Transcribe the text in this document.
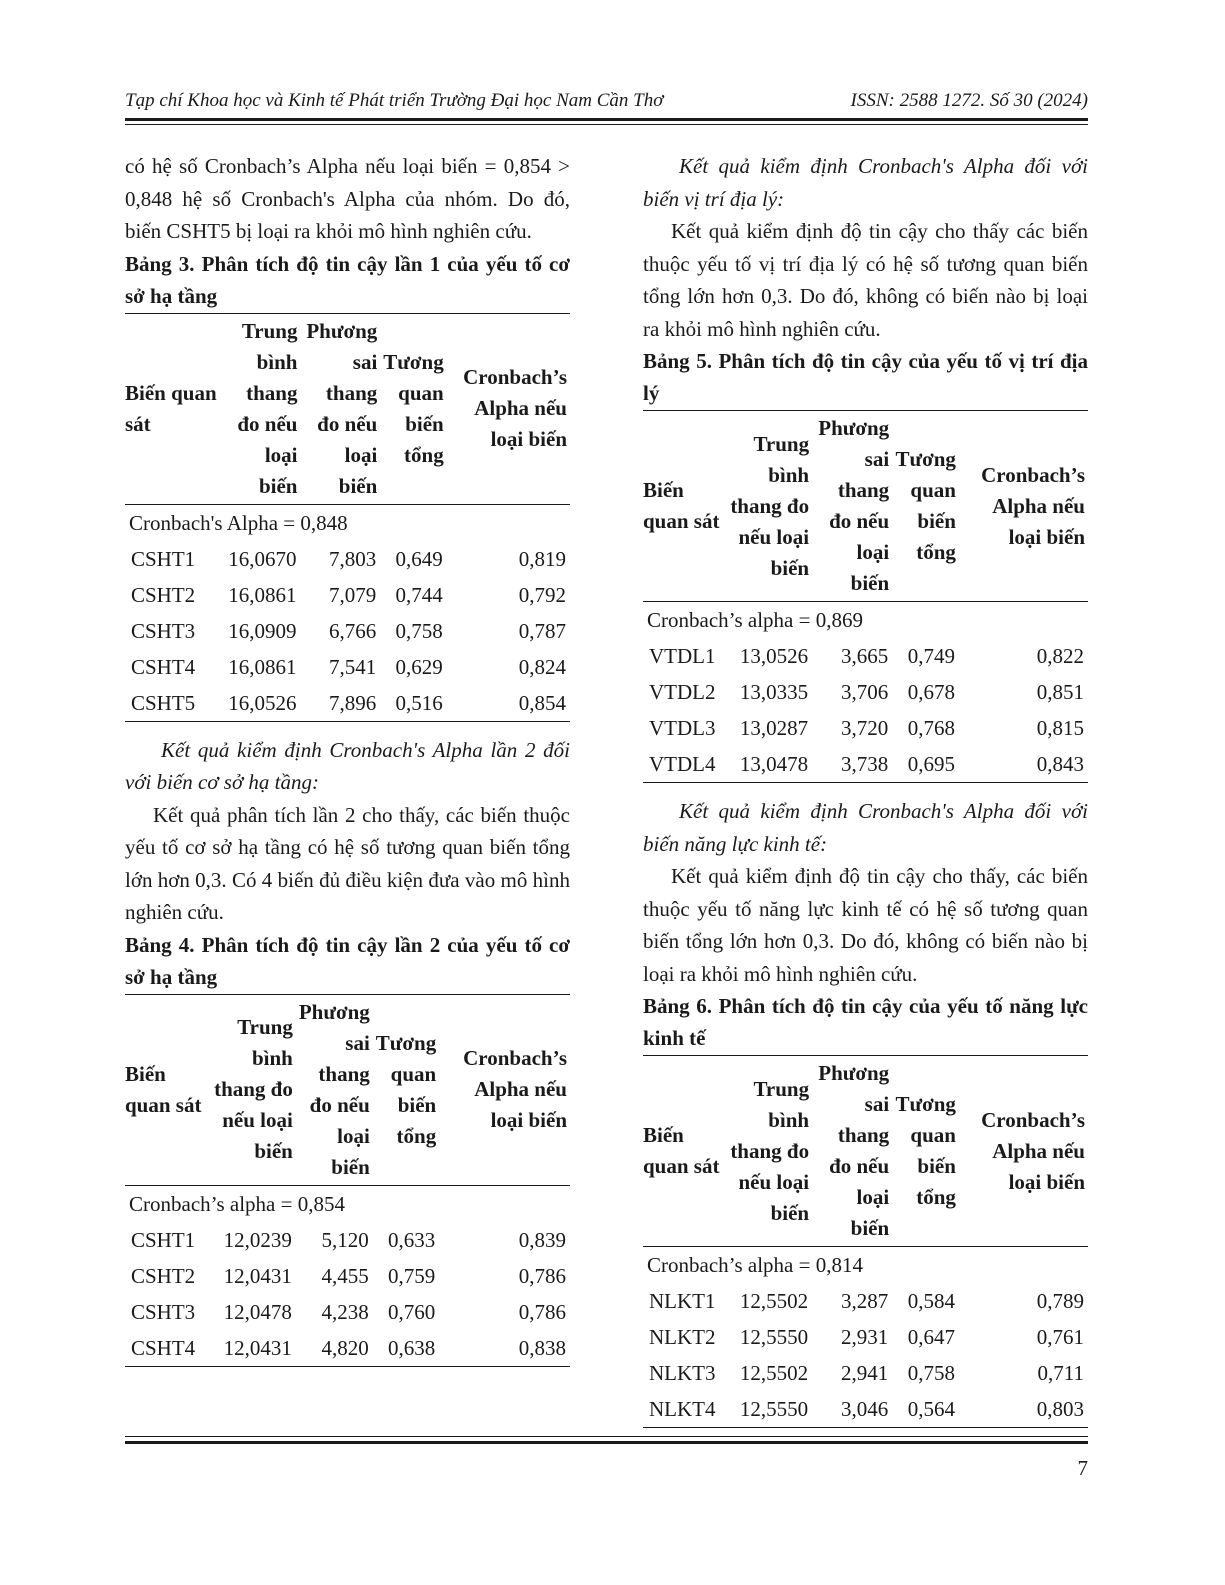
Tạp chí Khoa học và Kinh tế Phát triển Trường Đại học Nam Cần Thơ	ISSN: 2588 1272. Số 30 (2024)

có hệ số Cronbach’s Alpha nếu loại biến = 0,854 > 0,848 hệ số Cronbach's Alpha của nhóm. Do đó, biến CSHT5 bị loại ra khỏi mô hình nghiên cứu.

Bảng 3. Phân tích độ tin cậy lần 1 của yếu tố cơ sở hạ tầng

Biến quan sát	Trung bình thang đo nếu loại biến	Phương sai thang đo nếu loại biến	Tương quan biến tổng	Cronbach’s Alpha nếu loại biến
Cronbach's Alpha = 0,848				
CSHT1	16,0670	7,803	0,649	0,819
CSHT2	16,0861	7,079	0,744	0,792
CSHT3	16,0909	6,766	0,758	0,787
CSHT4	16,0861	7,541	0,629	0,824
CSHT5	16,0526	7,896	0,516	0,854

Kết quả kiểm định Cronbach's Alpha lần 2 đối với biến cơ sở hạ tầng:

Kết quả phân tích lần 2 cho thấy, các biến thuộc yếu tố cơ sở hạ tầng có hệ số tương quan biến tổng lớn hơn 0,3. Có 4 biến đủ điều kiện đưa vào mô hình nghiên cứu.

Bảng 4. Phân tích độ tin cậy lần 2 của yếu tố cơ sở hạ tầng

Biến quan sát	Trung bình thang đo nếu loại biến	Phương sai thang đo nếu loại biến	Tương quan biến tổng	Cronbach’s Alpha nếu loại biến
Cronbach’s alpha = 0,854				
CSHT1	12,0239	5,120	0,633	0,839
CSHT2	12,0431	4,455	0,759	0,786
CSHT3	12,0478	4,238	0,760	0,786
CSHT4	12,0431	4,820	0,638	0,838

Kết quả kiểm định Cronbach's Alpha đối với biến vị trí địa lý:

Kết quả kiểm định độ tin cậy cho thấy các biến thuộc yếu tố vị trí địa lý có hệ số tương quan biến tổng lớn hơn 0,3. Do đó, không có biến nào bị loại ra khỏi mô hình nghiên cứu.

Bảng 5. Phân tích độ tin cậy của yếu tố vị trí địa lý

Biến quan sát	Trung bình thang đo nếu loại biến	Phương sai thang đo nếu loại biến	Tương quan biến tổng	Cronbach’s Alpha nếu loại biến
Cronbach’s alpha = 0,869				
VTDL1	13,0526	3,665	0,749	0,822
VTDL2	13,0335	3,706	0,678	0,851
VTDL3	13,0287	3,720	0,768	0,815
VTDL4	13,0478	3,738	0,695	0,843

Kết quả kiểm định Cronbach's Alpha đối với biến năng lực kinh tế:

Kết quả kiểm định độ tin cậy cho thấy, các biến thuộc yếu tố năng lực kinh tế có hệ số tương quan biến tổng lớn hơn 0,3. Do đó, không có biến nào bị loại ra khỏi mô hình nghiên cứu.

Bảng 6. Phân tích độ tin cậy của yếu tố năng lực kinh tế

Biến quan sát	Trung bình thang đo nếu loại biến	Phương sai thang đo nếu loại biến	Tương quan biến tổng	Cronbach’s Alpha nếu loại biến
Cronbach’s alpha = 0,814				
NLKT1	12,5502	3,287	0,584	0,789
NLKT2	12,5550	2,931	0,647	0,761
NLKT3	12,5502	2,941	0,758	0,711
NLKT4	12,5550	3,046	0,564	0,803
7
